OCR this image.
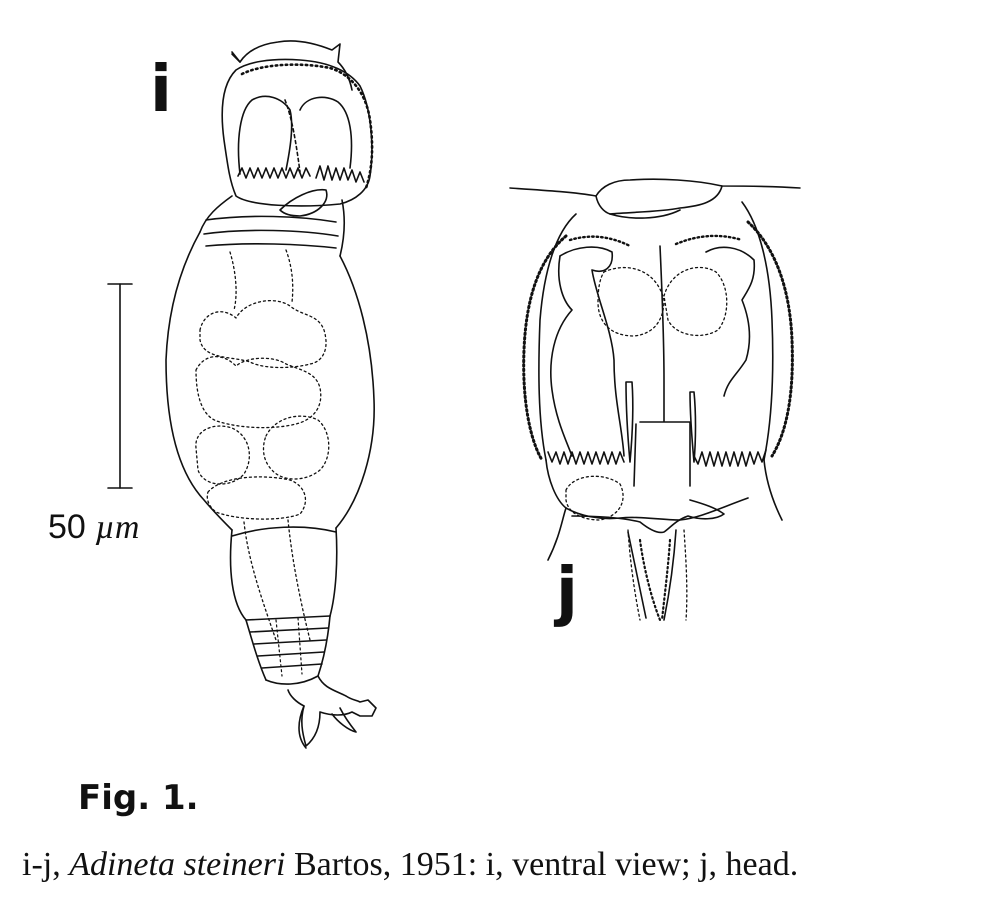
i
j
50 µm
Fig. 1.
i-j, Adineta steineri Bartos, 1951: i, ventral view; j, head.
